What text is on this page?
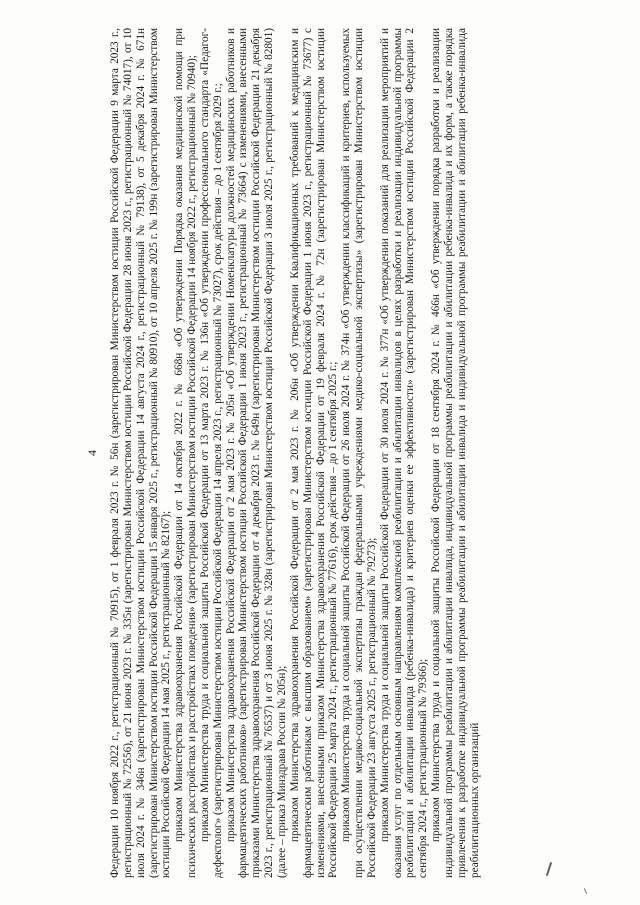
4 Федерации 10 ноября 2022 г., регистрационный № 70915), от 1 февраля 2023 г. № 56н (зарегистрирован Министерством юстиции Российской Федерации 9 марта 2023 г., регистрационный № 72556), от 21 июня 2023 г. № 335н (зарегистрирован Министерством юстиции Российской Федерации 28 июня 2023 г., регистрационный № 74017), от 10 июля 2024 г. № 346н (зарегистрирован Министерством юстиции Российской Федерации 14 августа 2024 г., регистрационный № 79138), от 5 декабря 2024 г. № 671н (зарегистрирован Министерством юстиции Российской Федерации 15 января 2025 г., регистрационный № 80910), от 10 апреля 2025 г. № 199н (зарегистрирован Министерством юстиции Российской Федерации 14 мая 2025 г., регистрационный № 82167); приказом Министерства здравоохранения Российской Федерации от 14 октября 2022 г. № 668н «Об утверждении Порядка оказания медицинской помощи при психических расстройствах и расстройствах поведения» (зарегистрирован Министерством юстиции Российской Федерации 14 ноября 2022 г., регистрационный № 70940); приказом Министерства труда и социальной защиты Российской Федерации от 13 марта 2023 г. № 136н «Об утверждении профессионального стандарта «Педагог-дефектолог» (зарегистрирован Министерством юстиции Российской Федерации 14 апреля 2023 г., регистрационный № 73027), срок действия – до 1 сентября 2029 г.; приказом Министерства здравоохранения Российской Федерации от 2 мая 2023 г. № 205н «Об утверждении Номенклатуры должностей медицинских работников и фармацевтических работников» (зарегистрирован Министерством юстиции Российской Федерации 1 июня 2023 г., регистрационный № 73664) с изменениями, внесенными приказами Министерства здравоохранения Российской Федерации от 4 декабря 2023 г. № 649н (зарегистрирован Министерством юстиции Российской Федерации 21 декабря 2023 г., регистрационный № 76537) и от 3 июня 2025 г. № 328н (зарегистрирован Министерством юстиции Российской Федерации 3 июля 2025 г., регистрационный № 82801) (далее – приказ Минздрава России № 205н); приказом Министерства здравоохранения Российской Федерации от 2 мая 2023 г. № 206н «Об утверждении Квалификационных требований к медицинским и фармацевтическим работникам с высшим образованием» (зарегистрирован Министерством юстиции Российской Федерации 1 июня 2023 г., регистрационный № 73677) с изменениями, внесенными приказом Министерства здравоохранения Российской Федерации от 19 февраля 2024 г. № 72н (зарегистрирован Министерством юстиции Российской Федерации 25 марта 2024 г., регистрационный № 77616), срок действия – до 1 сентября 2025 г.; приказом Министерства труда и социальной защиты Российской Федерации от 26 июля 2024 г. № 374н «Об утверждении классификаций и критериев, используемых при осуществлении медико-социальной экспертизы граждан федеральными учреждениями медико-социальной экспертизы» (зарегистрирован Министерством юстиции Российской Федерации 23 августа 2025 г., регистрационный № 79273); приказом Министерства труда и социальной защиты Российской Федерации от 30 июля 2024 г. № 377н «Об утверждении показаний для реализации мероприятий и оказания услуг по отдельным основным направлениям комплексной реабилитации и абилитации инвалидов в целях разработки и реализации индивидуальной программы реабилитации и абилитации инвалида (ребенка-инвалида) и критериев оценки ее эффективности» (зарегистрирован Министерством юстиции Российской Федерации 2 сентября 2024 г., регистрационный № 79366); приказом Министерства труда и социальной защиты Российской Федерации от 18 сентября 2024 г. № 466н «Об утверждении порядка разработки и реализации индивидуальной программы реабилитации и абилитации инвалида, индивидуальной программы реабилитации и абилитации ребенка-инвалида и их форм, а также порядка привлечения к разработке индивидуальной программы реабилитации и абилитации инвалида и индивидуальной программы реабилитации и абилитации ребенка-инвалида реабилитационных организаций
